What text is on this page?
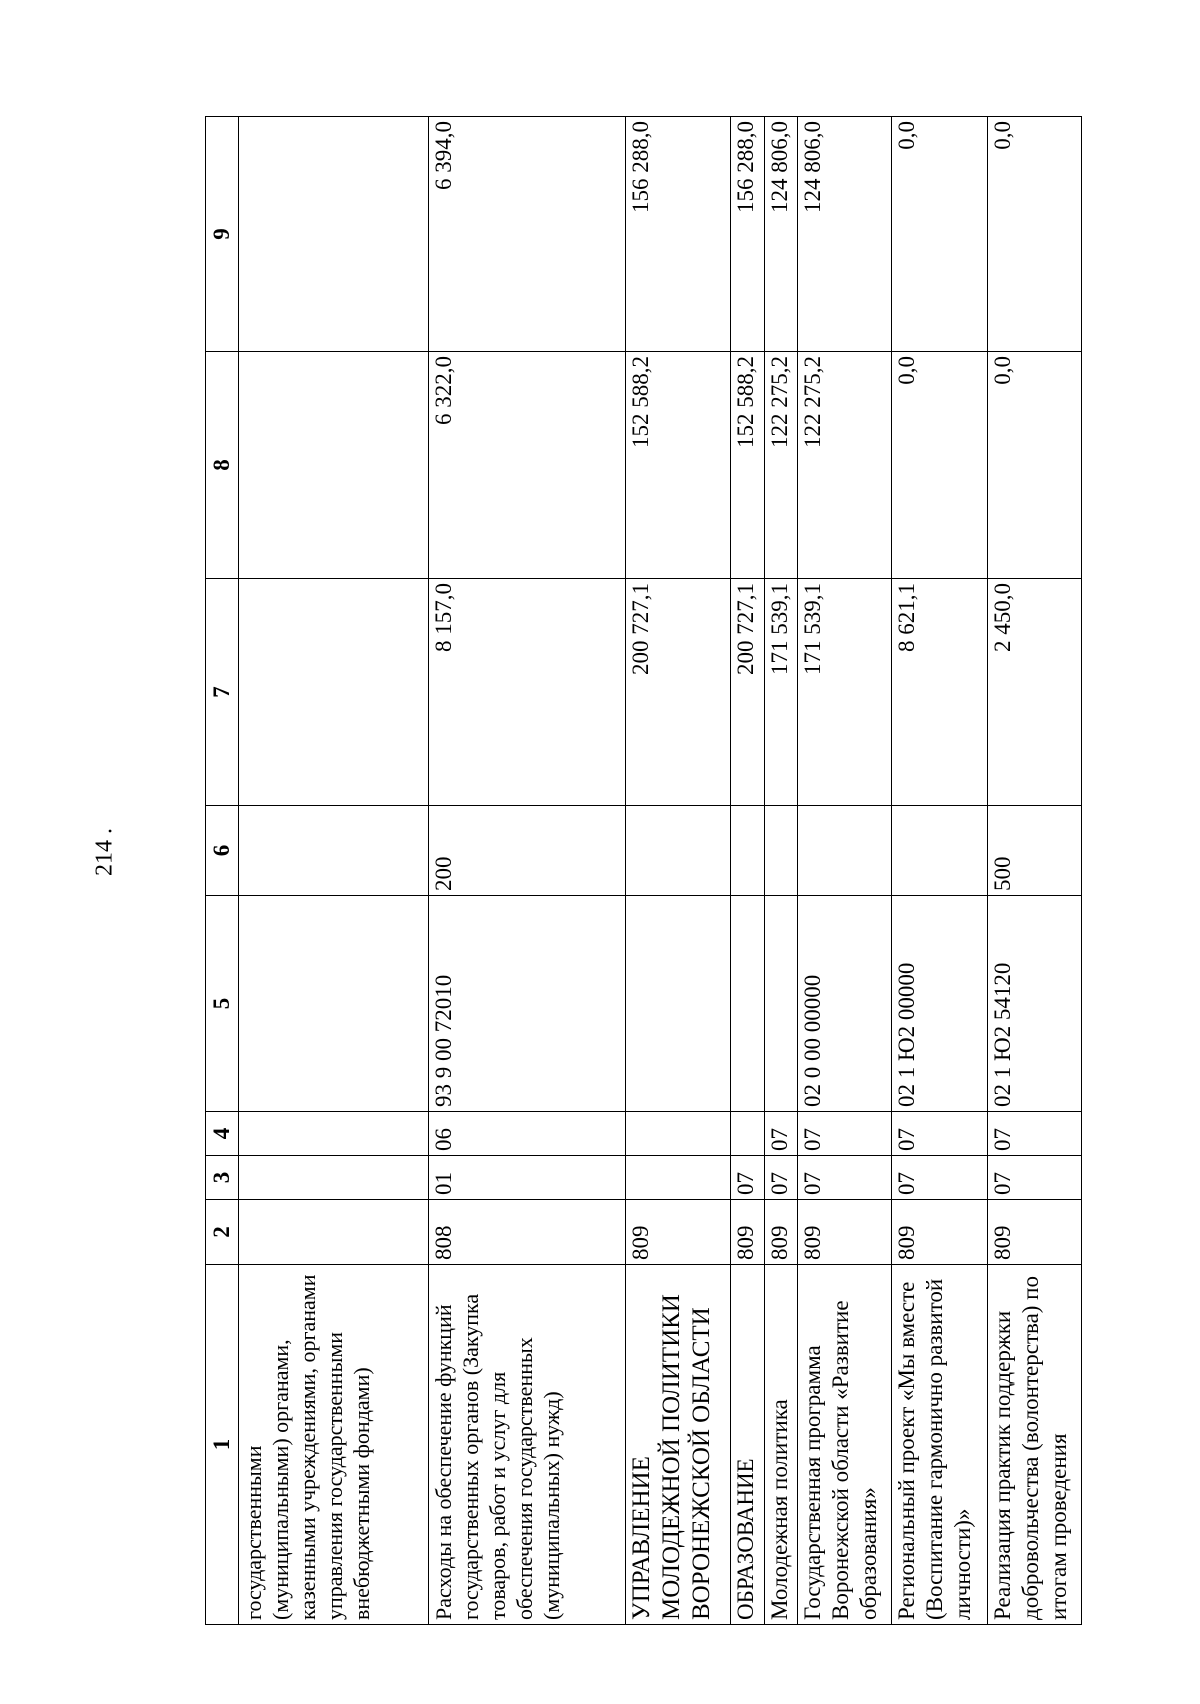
214 .
1	2	3	4	5	6	7	8	9
государственными (муниципальными) органами, казенными учреждениями, органами управления государственными внебюджетными фондами)								
Расходы на обеспечение функций государственных органов (Закупка товаров, работ и услуг для обеспечения государственных (муниципальных) нужд)	808	01	06	93 9 00 72010	200	8 157,0	6 322,0	6 394,0
УПРАВЛЕНИЕ МОЛОДЕЖНОЙ ПОЛИТИКИ ВОРОНЕЖСКОЙ ОБЛАСТИ	809					200 727,1	152 588,2	156 288,0
ОБРАЗОВАНИЕ	809	07				200 727,1	152 588,2	156 288,0
Молодежная политика	809	07	07			171 539,1	122 275,2	124 806,0
Государственная программа Воронежской области «Развитие образования»	809	07	07	02 0 00 00000		171 539,1	122 275,2	124 806,0
Региональный проект «Мы вместе (Воспитание гармонично развитой личности)»	809	07	07	02 1 Ю2 00000		8 621,1	0,0	0,0
Реализация практик поддержки добровольчества (волонтерства) по итогам проведения	809	07	07	02 1 Ю2 54120	500	2 450,0	0,0	0,0
